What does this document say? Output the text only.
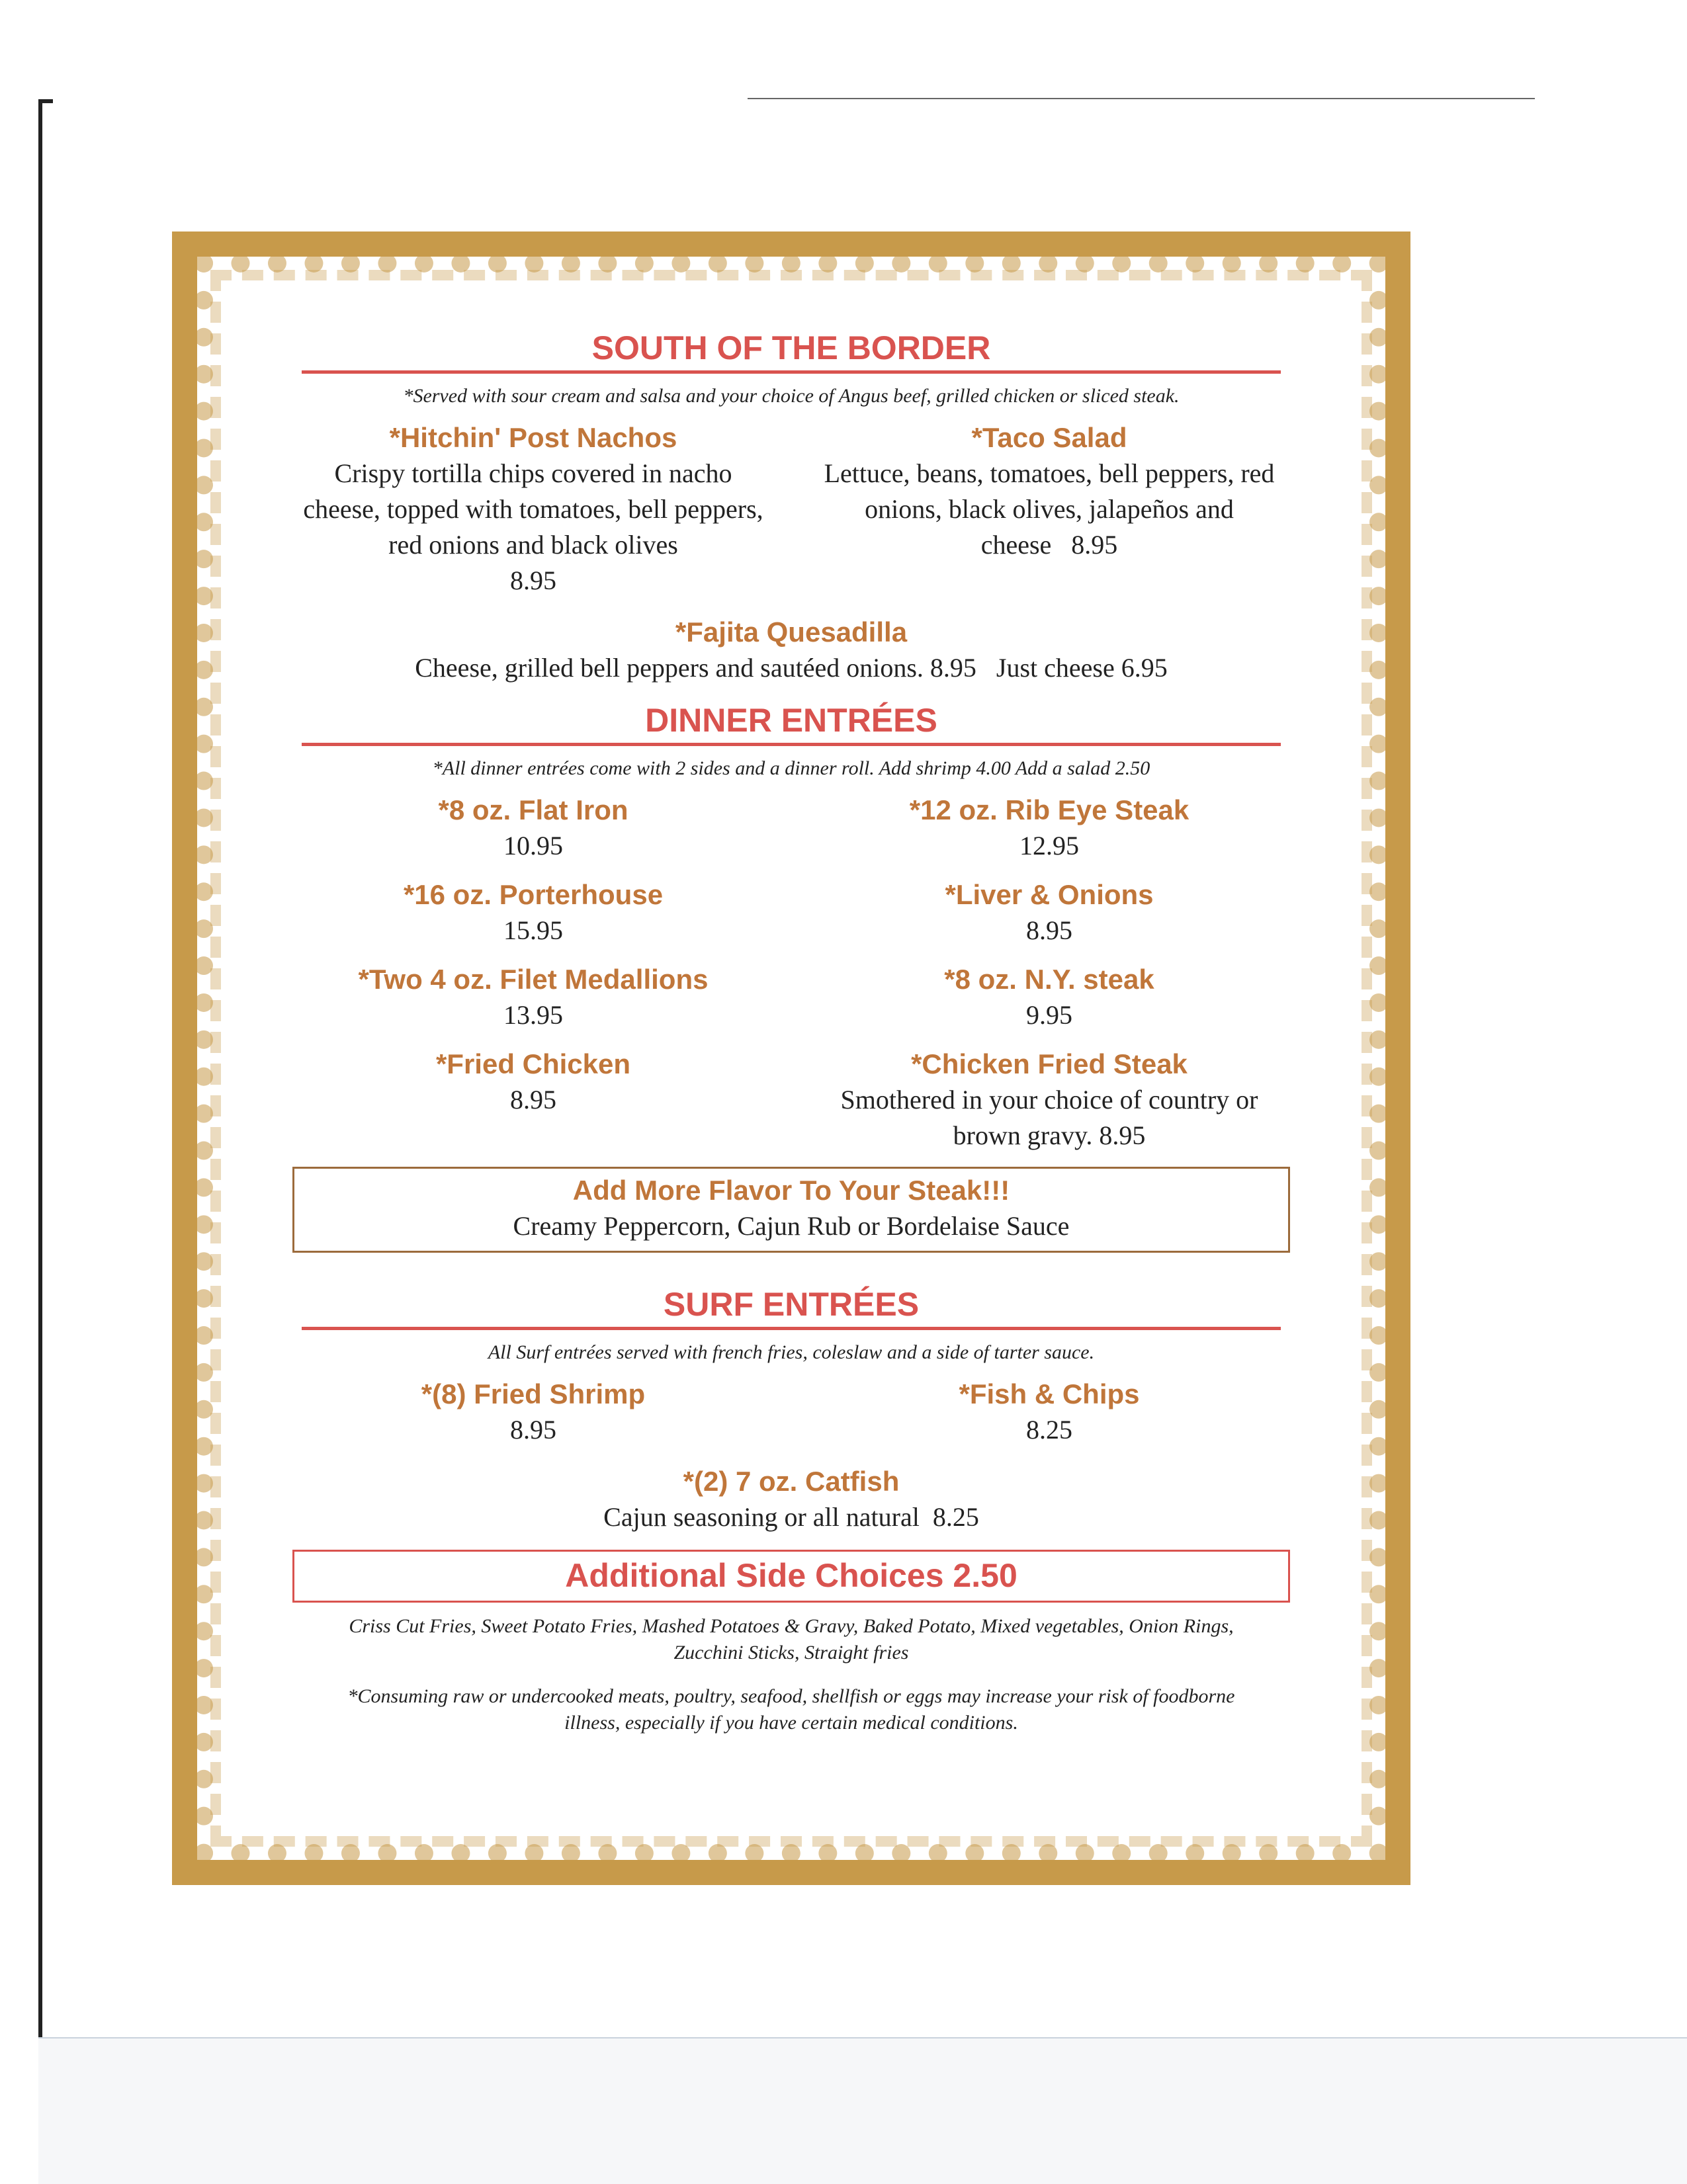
SOUTH OF THE BORDER

*Served with sour cream and salsa and your choice of Angus beef, grilled chicken or sliced steak.

*Hitchin' Post Nachos
Crispy tortilla chips covered in nacho cheese, topped with tomatoes, bell peppers, red onions and black olives
8.95
*Taco Salad
Lettuce, beans, tomatoes, bell peppers, red onions, black olives, jalapeños and cheese 8.95
*Fajita Quesadilla
Cheese, grilled bell peppers and sautéed onions. 8.95   Just cheese 6.95
DINNER ENTRÉES

*All dinner entrées come with 2 sides and a dinner roll. Add shrimp 4.00 Add a salad 2.50

*8 oz. Flat Iron
10.95
*12 oz. Rib Eye Steak
12.95
*16 oz. Porterhouse
15.95
*Liver & Onions
8.95
*Two 4 oz. Filet Medallions
13.95
*8 oz. N.Y. steak
9.95
*Fried Chicken
8.95
*Chicken Fried Steak
Smothered in your choice of country or brown gravy. 8.95
Add More Flavor To Your Steak!!!
Creamy Peppercorn, Cajun Rub or Bordelaise Sauce
SURF ENTRÉES

All Surf entrées served with french fries, coleslaw and a side of tarter sauce.

*(8) Fried Shrimp
8.95
*Fish & Chips
8.25
*(2) 7 oz. Catfish
Cajun seasoning or all natural  8.25
Additional Side Choices 2.50

Criss Cut Fries, Sweet Potato Fries, Mashed Potatoes & Gravy, Baked Potato, Mixed vegetables, Onion Rings, Zucchini Sticks, Straight fries

*Consuming raw or undercooked meats, poultry, seafood, shellfish or eggs may increase your risk of foodborne illness, especially if you have certain medical conditions.
